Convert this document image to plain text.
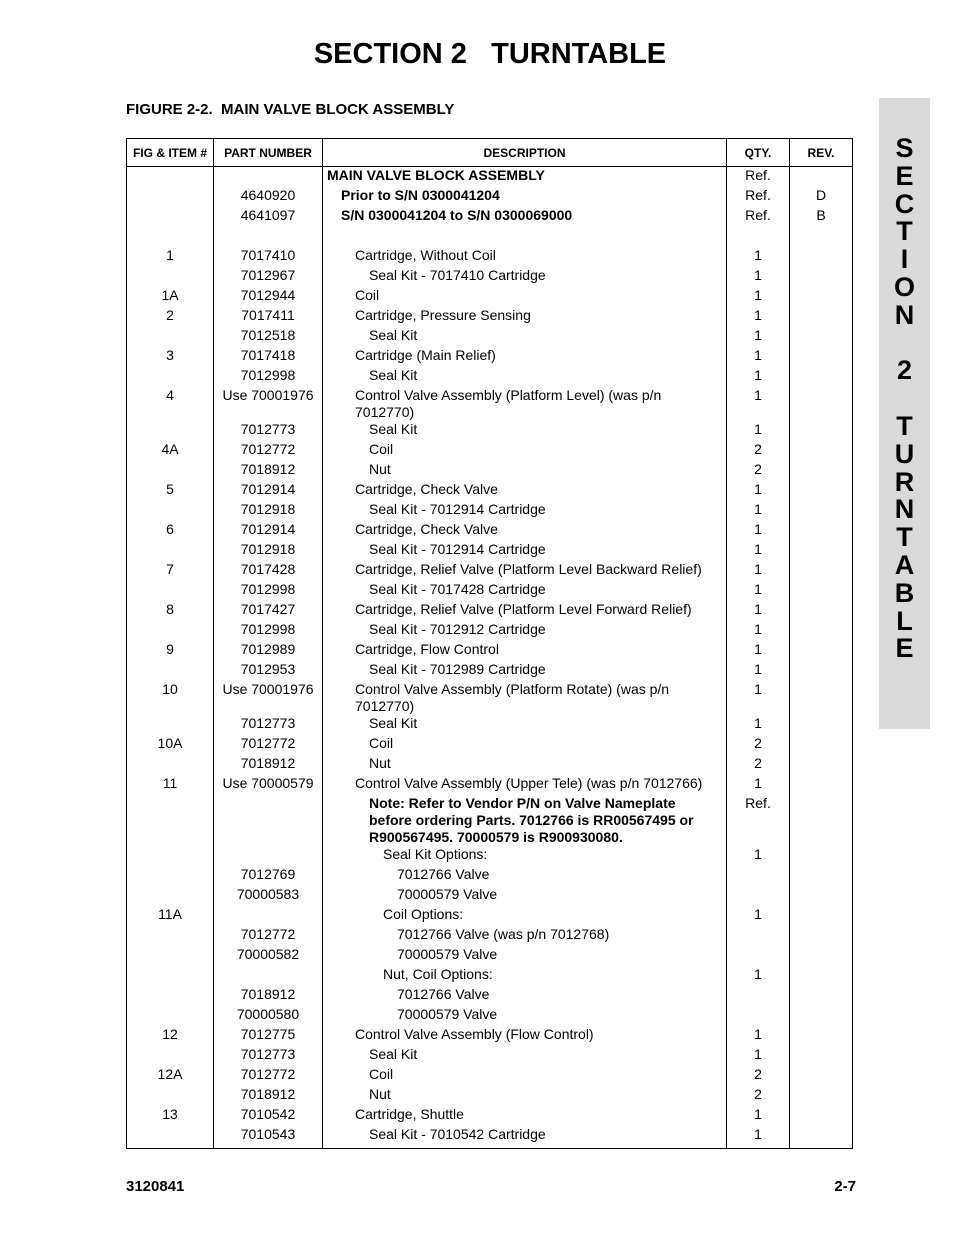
SECTION 2   TURNTABLE
FIGURE 2-2.  MAIN VALVE BLOCK ASSEMBLY
S
E
C
T
I
O
N
2
T
U
R
N
T
A
B
L
E
FIG & ITEM #	PART NUMBER	DESCRIPTION	QTY.	REV.
		MAIN VALVE BLOCK ASSEMBLY	Ref.	
	4640920	Prior to S/N 0300041204	Ref.	D
	4641097	S/N 0300041204 to S/N 0300069000	Ref.	B

1	7017410	Cartridge, Without Coil	1	
	7012967	Seal Kit - 7017410 Cartridge	1	
1A	7012944	Coil	1	
2	7017411	Cartridge, Pressure Sensing	1	
	7012518	Seal Kit	1	
3	7017418	Cartridge (Main Relief)	1	
	7012998	Seal Kit	1	
4	Use 70001976	Control Valve Assembly (Platform Level) (was p/n 7012770)	1	
	7012773	Seal Kit	1	
4A	7012772	Coil	2	
	7018912	Nut	2	
5	7012914	Cartridge, Check Valve	1	
	7012918	Seal Kit - 7012914 Cartridge	1	
6	7012914	Cartridge, Check Valve	1	
	7012918	Seal Kit - 7012914 Cartridge	1	
7	7017428	Cartridge, Relief Valve (Platform Level Backward Relief)	1	
	7012998	Seal Kit - 7017428 Cartridge	1	
8	7017427	Cartridge, Relief Valve (Platform Level Forward Relief)	1	
	7012998	Seal Kit - 7012912 Cartridge	1	
9	7012989	Cartridge, Flow Control	1	
	7012953	Seal Kit - 7012989 Cartridge	1	
10	Use 70001976	Control Valve Assembly (Platform Rotate) (was p/n 7012770)	1	
	7012773	Seal Kit	1	
10A	7012772	Coil	2	
	7018912	Nut	2	
11	Use 70000579	Control Valve Assembly (Upper Tele) (was p/n 7012766)	1	
		Note: Refer to Vendor P/N on Valve Nameplate before ordering Parts. 7012766 is RR00567495 or R900567495. 70000579 is R900930080.	Ref.	
		Seal Kit Options:	1	
	7012769	7012766 Valve		
	70000583	70000579 Valve		
11A		Coil Options:	1	
	7012772	7012766 Valve (was p/n 7012768)		
	70000582	70000579 Valve		
		Nut, Coil Options:	1	
	7018912	7012766 Valve		
	70000580	70000579 Valve		
12	7012775	Control Valve Assembly (Flow Control)	1	
	7012773	Seal Kit	1	
12A	7012772	Coil	2	
	7018912	Nut	2	
13	7010542	Cartridge, Shuttle	1	
	7010543	Seal Kit - 7010542 Cartridge	1	
3120841	2-7
